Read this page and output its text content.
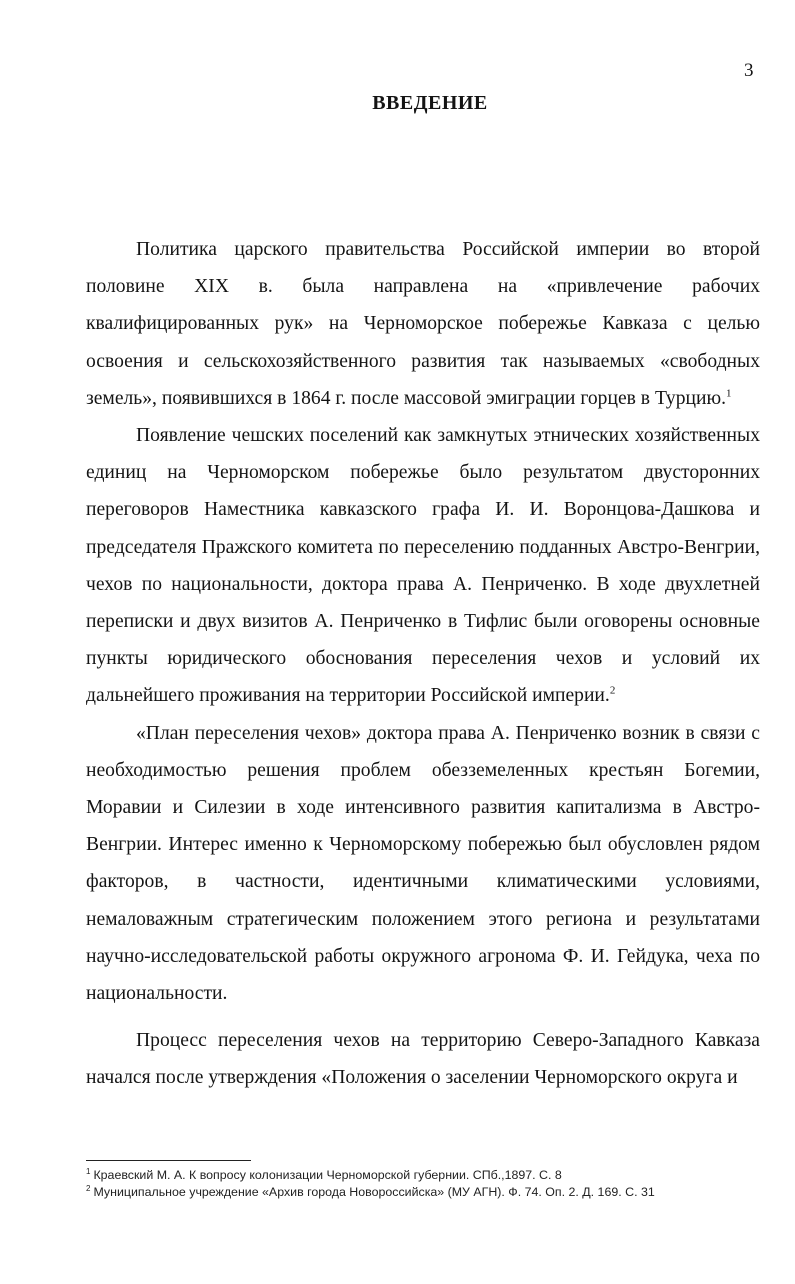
3
ВВЕДЕНИЕ

Политика царского правительства Российской империи во второй половине XIX в. была направлена на «привлечение рабочих квалифицированных рук» на Черноморское побережье Кавказа с целью освоения и сельскохозяйственного развития так называемых «свободных земель», появившихся в 1864 г. после массовой эмиграции горцев в Турцию.$^1$

Появление чешских поселений как замкнутых этнических хозяйственных единиц на Черноморском побережье было результатом двусторонних переговоров Наместника кавказского графа И. И. Воронцова-Дашкова и председателя Пражского комитета по переселению подданных Австро-Венгрии, чехов по национальности, доктора права А. Пенриченко. В ходе двухлетней переписки и двух визитов А. Пенриченко в Тифлис были оговорены основные пункты юридического обоснования переселения чехов и условий их дальнейшего проживания на территории Российской империи.$^2$

«План переселения чехов» доктора права А. Пенриченко возник в связи с необходимостью решения проблем обезземеленных крестьян Богемии, Моравии и Силезии в ходе интенсивного развития капитализма в Австро-Венгрии. Интерес именно к Черноморскому побережью был обусловлен рядом факторов, в частности, идентичными климатическими условиями, немаловажным стратегическим положением этого региона и результатами научно-исследовательской работы окружного агронома Ф. И. Гейдука, чеха по национальности.

Процесс переселения чехов на территорию Северо-Западного Кавказа начался после утверждения «Положения о заселении Черноморского округа и

$^1$ Краевский М. А. К вопросу колонизации Черноморской губернии. СПб.,1897. С. 8
$^2$ Муниципальное учреждение «Архив города Новороссийска» (МУ АГН). Ф. 74. Оп. 2. Д. 169. С. 31
